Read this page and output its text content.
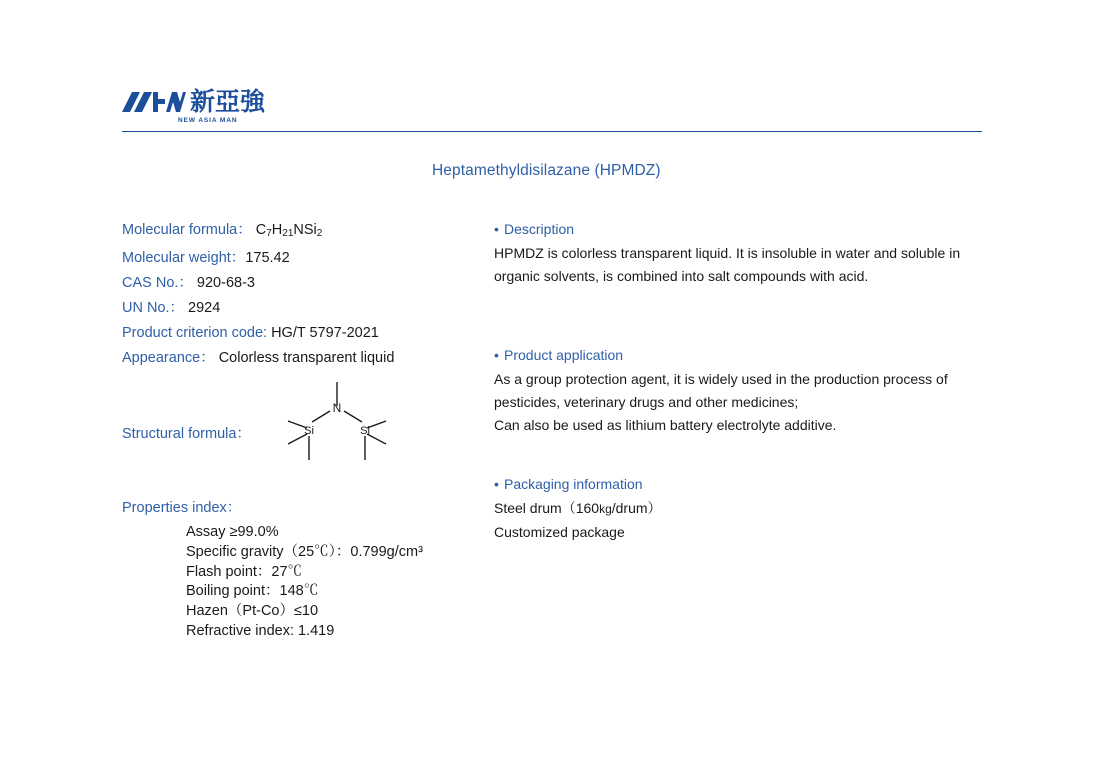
新亞強
NEW ASIA MAN
Heptamethyldisilazane (HPMDZ)
Molecular formula： $C_7H_{21}NSi_2$
Molecular weight：175.42
CAS No.： 920-68-3
UN No.： 2924
Product criterion code: HG/T 5797-2021
Appearance： Colorless transparent liquid
Structural formula：
N
Si	Si
Properties index：
Assay ≥99.0%
Specific gravity（25℃）：0.799g/cm³
Flash point：27℃
Boiling point：148℃
Hazen（Pt-Co）≤10
Refractive index: 1.419
• Description
HPMDZ is colorless transparent liquid. It is insoluble in water and soluble in
organic solvents, is combined into salt compounds with acid.
• Product application
As a group protection agent, it is widely used in the production process of
pesticides, veterinary drugs and other medicines;
Can also be used as lithium battery electrolyte additive.
• Packaging information
Steel drum（160kg/drum）
Customized package
